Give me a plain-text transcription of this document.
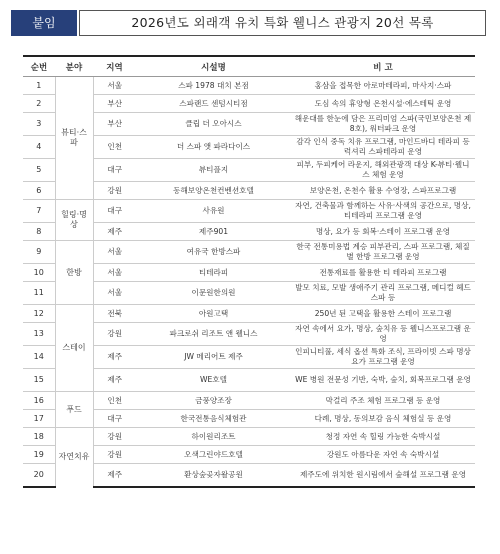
붙임	2026년도 외래객 유치 특화 웰니스 관광지 20선 목록
순번	분야	지역	시설명	비 고
1	뷰티·스파	서울	스파 1978 대치 본점	홍삼을 접목한 아로마테라피, 마사지·스파
2		부산	스파랜드 센텀시티점	도심 속의 휴양형 온천시설·에스테틱 운영
3		부산	클립 더 오아시스	해운대를 한눈에 담은 프리미엄 스파(국민보양온천 제8호), 워터파크 운영
4		인천	더 스파 앳 파라다이스	감각 인식 중독 치유 프로그램, 마인드바디 테라피 등 럭셔리 스파테라피 운영
5		대구	뷰티플지	피부, 두피케어 라운지, 해외관광객 대상 K-뷰티·웰니스 체험 운영
6		강원	동해보양온천컨벤션호텔	보양온천, 온천수 활용 수영장, 스파프로그램
7	힐링·명상	대구	사유원	자연, 건축물과 함께하는 사유·사색의 공간으로, 명상, 티테라피 프로그램 운영
8		제주	제주901	명상, 요가 등 회복·스테이 프로그램 운영
9	한방	서울	여유국 한방스파	한국 전통미용법 계승 피부관리, 스파 프로그램, 체질별 한방 프로그램 운영
10		서울	티테라피	전통재료를 활용한 티 테라피 프로그램
11		서울	이문원한의원	발모 치료, 모발 생애주기 관리 프로그램, 메디컬 헤드스파 등
12	스테이	전북	아원고택	250년 된 고택을 활용한 스테이 프로그램
13		강원	파크로쉬 리조트 앤 웰니스	자연 속에서 요가, 명상, 숲치유 등 웰니스프로그램 운영
14		제주	JW 메리어트 제주	인피니티풀, 세식 옵션 특화 조식, 프라이빗 스파 명상 요가 프로그램 운영
15		제주	WE호텔	WE 병원 전문성 기반, 숙박, 숲치, 회복프로그램 운영
16	푸드	인천	금풍양조장	막걸리 주조 체험 프로그램 등 운영
17		대구	한국전통음식체험관	다례, 명상, 동의보감 음식 체험실 등 운영
18	자연치유	강원	하이원리조트	청정 자연 속 힐링 가능한 숙박시설
19		강원	오색그린야드호텔	강원도 아름다운 자연 속 숙박시설
20		제주	환상숲곶자왈공원	제주도에 위치한 원시림에서 숲해설 프로그램 운영
